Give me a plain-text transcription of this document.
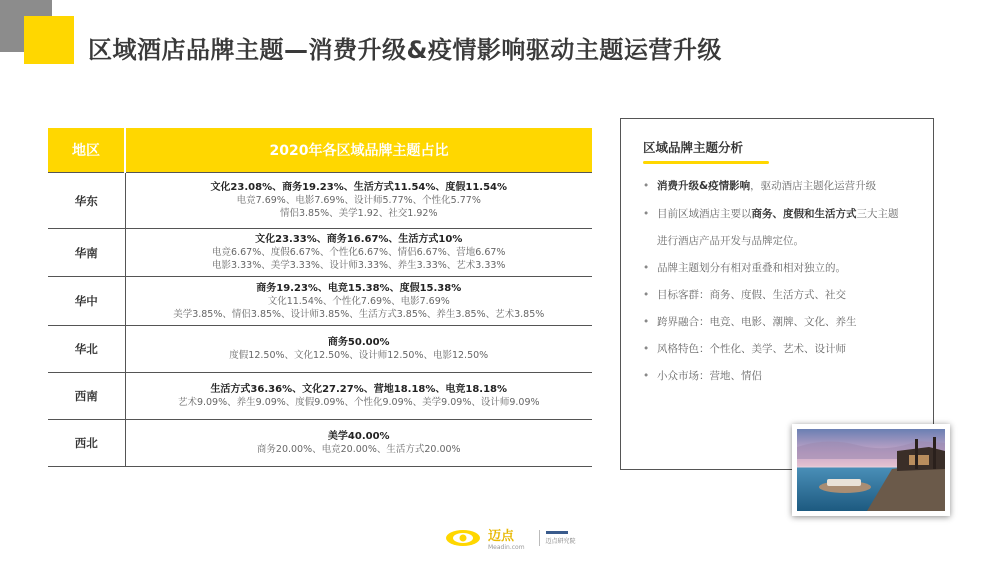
区域酒店品牌主题—消费升级&疫情影响驱动主题运营升级
地区	2020年各区域品牌主题占比
华东	文化23.08%、商务19.23%、生活方式11.54%、度假11.54%
电竞7.69%、电影7.69%、设计师5.77%、个性化5.77%
情侣3.85%、美学1.92、社交1.92%

华南	文化23.33%、商务16.67%、生活方式10%
电竞6.67%、度假6.67%、个性化6.67%、情侣6.67%、营地6.67%
电影3.33%、美学3.33%、设计师3.33%、养生3.33%、艺术3.33%

华中	商务19.23%、电竞15.38%、度假15.38%
文化11.54%、个性化7.69%、电影7.69%
美学3.85%、情侣3.85%、设计师3.85%、生活方式3.85%、养生3.85%、艺术3.85%

华北	商务50.00%
度假12.50%、文化12.50%、设计师12.50%、电影12.50%

西南	生活方式36.36%、文化27.27%、营地18.18%、电竞18.18%
艺术9.09%、养生9.09%、度假9.09%、个性化9.09%、美学9.09%、设计师9.09%

西北	美学40.00%
商务20.00%、电竞20.00%、生活方式20.00%
区域品牌主题分析
• 消费升级&疫情影响，驱动酒店主题化运营升级
• 目前区域酒店主要以商务、度假和生活方式三大主题
进行酒店产品开发与品牌定位。
• 品牌主题划分有相对重叠和相对独立的。
• 目标客群：商务、度假、生活方式、社交
• 跨界融合：电竞、电影、潮牌、文化、养生
• 风格特色：个性化、美学、艺术、设计师
• 小众市场：营地、情侣
迈点
Meadin.com
迈点研究院
